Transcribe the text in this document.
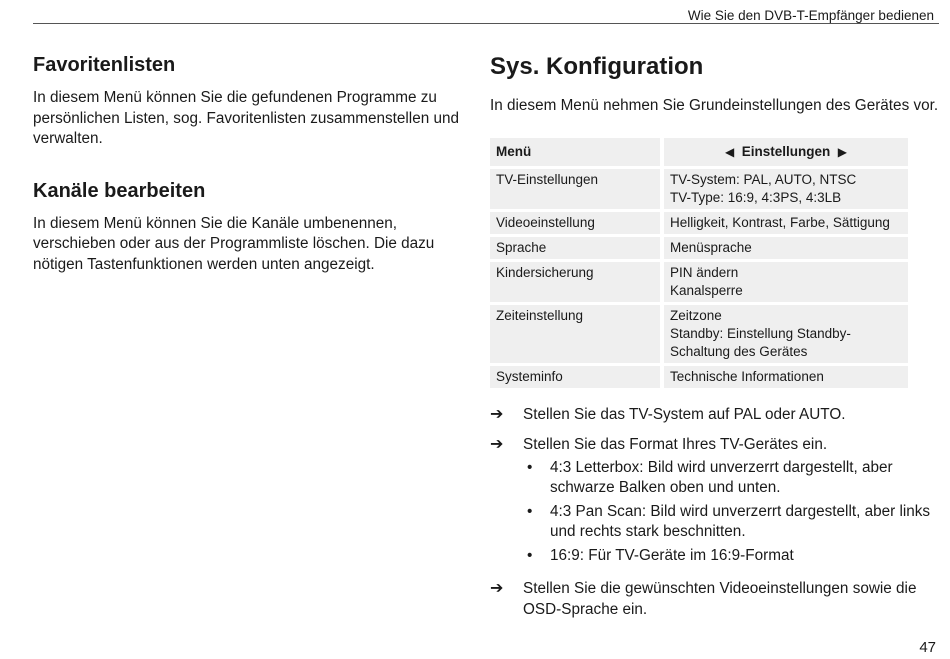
Wie Sie den DVB-T-Empfänger bedienen
Favoritenlisten

In diesem Menü können Sie die gefundenen Programme zu persönlichen Listen, sog. Favoritenlisten zusammenstellen und verwalten.

Kanäle bearbeiten

In diesem Menü können Sie die Kanäle umbenennen, verschieben oder aus der Programmliste löschen. Die dazu nötigen Tastenfunktionen werden unten angezeigt.

Sys. Konfiguration

In diesem Menü nehmen Sie Grundeinstellungen des Gerätes vor.

Menü	◀ Einstellungen ▶
TV-Einstellungen	TV-System: PAL, AUTO, NTSC
TV-Type: 16:9, 4:3PS, 4:3LB

Videoeinstellung	Helligkeit, Kontrast, Farbe, Sättigung

Sprache	Menüsprache

Kindersicherung	PIN ändern
Kanalsperre

Zeiteinstellung	Zeitzone
Standby: Einstellung Standby-Schaltung des Gerätes

Systeminfo	Technische Informationen
➔	Stellen Sie das TV-System auf PAL oder AUTO.
➔	Stellen Sie das Format Ihres TV-Gerätes ein.
•	4:3 Letterbox: Bild wird unverzerrt dargestellt, aber schwarze Balken oben und unten.
•	4:3 Pan Scan: Bild wird unverzerrt dargestellt, aber links und rechts stark beschnitten.
•	16:9: Für TV-Geräte im 16:9-Format
➔	Stellen Sie die gewünschten Videoeinstellungen sowie die OSD-Sprache ein.
47
